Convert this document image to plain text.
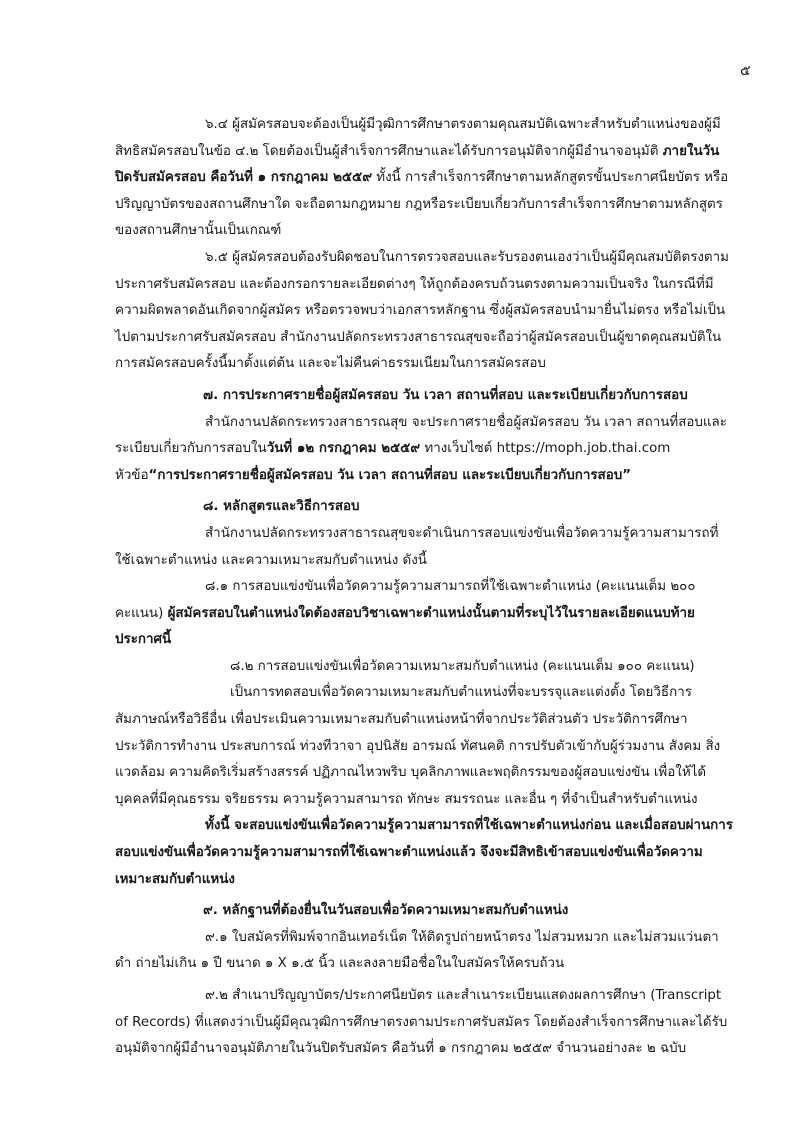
๕

๖.๔ ผู้สมัครสอบจะต้องเป็นผู้มีวุฒิการศึกษาตรงตามคุณสมบัติเฉพาะสำหรับตำแหน่งของผู้มีสิทธิสมัครสอบในข้อ ๔.๒ โดยต้องเป็นผู้สำเร็จการศึกษาและได้รับการอนุมัติจากผู้มีอำนาจอนุมัติ ภายในวันปิดรับสมัครสอบ คือวันที่ ๑ กรกฎาคม ๒๕๕๙ ทั้งนี้ การสำเร็จการศึกษาตามหลักสูตรขั้นประกาศนียบัตร หรือปริญญาบัตรของสถานศึกษาใด จะถือตามกฎหมาย กฎหรือระเบียบเกี่ยวกับการสำเร็จการศึกษาตามหลักสูตรของสถานศึกษานั้นเป็นเกณฑ์

๖.๕ ผู้สมัครสอบต้องรับผิดชอบในการตรวจสอบและรับรองตนเองว่าเป็นผู้มีคุณสมบัติตรงตามประกาศรับสมัครสอบ และต้องกรอกรายละเอียดต่างๆ ให้ถูกต้องครบถ้วนตรงตามความเป็นจริง ในกรณีที่มีความผิดพลาดอันเกิดจากผู้สมัคร หรือตรวจพบว่าเอกสารหลักฐาน ซึ่งผู้สมัครสอบนำมายื่นไม่ตรง หรือไม่เป็นไปตามประกาศรับสมัครสอบ สำนักงานปลัดกระทรวงสาธารณสุขจะถือว่าผู้สมัครสอบเป็นผู้ขาดคุณสมบัติในการสมัครสอบครั้งนี้มาตั้งแต่ต้น และจะไม่คืนค่าธรรมเนียมในการสมัครสอบ

๗. การประกาศรายชื่อผู้สมัครสอบ วัน เวลา สถานที่สอบ และระเบียบเกี่ยวกับการสอบ

สำนักงานปลัดกระทรวงสาธารณสุข จะประกาศรายชื่อผู้สมัครสอบ วัน เวลา สถานที่สอบและระเบียบเกี่ยวกับการสอบในวันที่ ๑๒ กรกฎาคม ๒๕๕๙ ทางเว็บไซต์ https://moph.job.thai.com หัวข้อ“การประกาศรายชื่อผู้สมัครสอบ วัน เวลา สถานที่สอบ และระเบียบเกี่ยวกับการสอบ”

๘. หลักสูตรและวิธีการสอบ

สำนักงานปลัดกระทรวงสาธารณสุขจะดำเนินการสอบแข่งขันเพื่อวัดความรู้ความสามารถที่ใช้เฉพาะตำแหน่ง และความเหมาะสมกับตำแหน่ง ดังนี้

๘.๑ การสอบแข่งขันเพื่อวัดความรู้ความสามารถที่ใช้เฉพาะตำแหน่ง (คะแนนเต็ม ๒๐๐ คะแนน) ผู้สมัครสอบในตำแหน่งใดต้องสอบวิชาเฉพาะตำแหน่งนั้นตามที่ระบุไว้ในรายละเอียดแนบท้ายประกาศนี้

๘.๒ การสอบแข่งขันเพื่อวัดความเหมาะสมกับตำแหน่ง (คะแนนเต็ม ๑๐๐ คะแนน)

เป็นการทดสอบเพื่อวัดความเหมาะสมกับตำแหน่งที่จะบรรจุและแต่งตั้ง โดยวิธีการสัมภาษณ์หรือวิธีอื่น เพื่อประเมินความเหมาะสมกับตำแหน่งหน้าที่จากประวัติส่วนตัว ประวัติการศึกษา ประวัติการทำงาน ประสบการณ์ ท่วงทีวาจา อุปนิสัย อารมณ์ ทัศนคติ การปรับตัวเข้ากับผู้ร่วมงาน สังคม สิ่งแวดล้อม ความคิดริเริ่มสร้างสรรค์ ปฏิภาณไหวพริบ บุคลิกภาพและพฤติกรรมของผู้สอบแข่งขัน เพื่อให้ได้บุคคลที่มีคุณธรรม จริยธรรม ความรู้ความสามารถ ทักษะ สมรรถนะ และอื่น ๆ ที่จำเป็นสำหรับตำแหน่ง

ทั้งนี้ จะสอบแข่งขันเพื่อวัดความรู้ความสามารถที่ใช้เฉพาะตำแหน่งก่อน และเมื่อสอบผ่านการสอบแข่งขันเพื่อวัดความรู้ความสามารถที่ใช้เฉพาะตำแหน่งแล้ว จึงจะมีสิทธิเข้าสอบแข่งขันเพื่อวัดความเหมาะสมกับตำแหน่ง

๙. หลักฐานที่ต้องยื่นในวันสอบเพื่อวัดความเหมาะสมกับตำแหน่ง

๙.๑ ใบสมัครที่พิมพ์จากอินเทอร์เน็ต ให้ติดรูปถ่ายหน้าตรง ไม่สวมหมวก และไม่สวมแว่นตาดำ ถ่ายไม่เกิน ๑ ปี ขนาด ๑ X ๑.๕ นิ้ว และลงลายมือชื่อในใบสมัครให้ครบถ้วน

๙.๒ สำเนาปริญญาบัตร/ประกาศนียบัตร และสำเนาระเบียนแสดงผลการศึกษา (Transcript of Records) ที่แสดงว่าเป็นผู้มีคุณวุฒิการศึกษาตรงตามประกาศรับสมัคร โดยต้องสำเร็จการศึกษาและได้รับอนุมัติจากผู้มีอำนาจอนุมัติภายในวันปิดรับสมัคร คือวันที่ ๑ กรกฎาคม ๒๕๕๙ จำนวนอย่างละ ๒ ฉบับ
